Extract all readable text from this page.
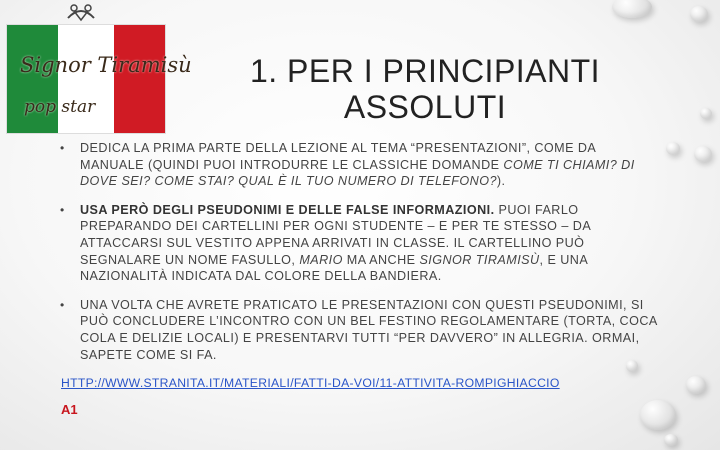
Signor Tiramisù
pop star
1. PER I PRINCIPIANTI
ASSOLUTI
• DEDICA LA PRIMA PARTE DELLA LEZIONE AL TEMA “PRESENTAZIONI”, COME DA MANUALE (QUINDI PUOI INTRODURRE LE CLASSICHE DOMANDE COME TI CHIAMI? DI DOVE SEI? COME STAI? QUAL È IL TUO NUMERO DI TELEFONO?).
• USA PERÒ DEGLI PSEUDONIMI E DELLE FALSE INFORMAZIONI. PUOI FARLO PREPARANDO DEI CARTELLINI PER OGNI STUDENTE – E PER TE STESSO – DA ATTACCARSI SUL VESTITO APPENA ARRIVATI IN CLASSE. IL CARTELLINO PUÒ SEGNALARE UN NOME FASULLO, MARIO MA ANCHE SIGNOR TIRAMISÙ, E UNA NAZIONALITÀ INDICATA DAL COLORE DELLA BANDIERA.
• UNA VOLTA CHE AVRETE PRATICATO LE PRESENTAZIONI CON QUESTI PSEUDONIMI, SI PUÒ CONCLUDERE L’INCONTRO CON UN BEL FESTINO REGOLAMENTARE (TORTA, COCA COLA E DELIZIE LOCALI) E PRESENTARVI TUTTI “PER DAVVERO” IN ALLEGRIA. ORMAI, SAPETE COME SI FA.
HTTP://WWW.STRANITA.IT/MATERIALI/FATTI-DA-VOI/11-ATTIVITA-ROMPIGHIACCIO
A1
